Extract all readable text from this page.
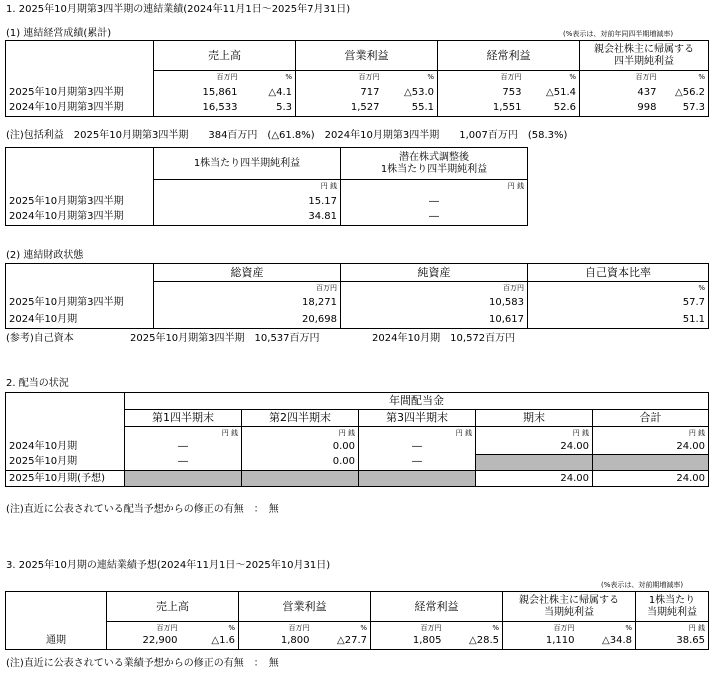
1. 2025年10月期第3四半期の連結業績(2024年11月1日～2025年7月31日)
(1) 連結経営成績(累計)	(%表示は、対前年同四半期増減率)
	売上高		営業利益		経常利益		親会社株主に帰属する
四半期純利益	
	百万円	%	百万円	%	百万円	%	百万円	%
2025年10月期第3四半期	15,861	△4.1	717	△53.0	753	△51.4	437	△56.2
2024年10月期第3四半期	16,533	5.3	1,527	55.1	1,551	52.6	998	57.3
(注)包括利益　2025年10月期第3四半期　　384百万円　(△61.8%)　2024年10月期第3四半期　　1,007百万円　(58.3%)
	1株当たり四半期純利益	潜在株式調整後
1株当たり四半期純利益
	円 銭	円 銭
2025年10月期第3四半期	15.17	―
2024年10月期第3四半期	34.81	―
(2) 連結財政状態
	総資産	純資産	自己資本比率
	百万円	百万円	%
2025年10月期第3四半期	18,271	10,583	57.7
2024年10月期	20,698	10,617	51.1
(参考)自己資本	2025年10月期第3四半期　10,537百万円	2024年10月期　10,572百万円
2. 配当の状況
	年間配当金				
	第1四半期末	第2四半期末	第3四半期末	期末	合計
	円 銭	円 銭	円 銭	円 銭	円 銭
2024年10月期	―	0.00	―	24.00	24.00
2025年10月期	―	0.00	―		
2025年10月期(予想)				24.00	24.00
(注)直近に公表されている配当予想からの修正の有無　：　無
3. 2025年10月期の連結業績予想(2024年11月1日～2025年10月31日)
(%表示は、対前期増減率)
	売上高		営業利益		経常利益		親会社株主に帰属する
当期純利益		1株当たり
当期純利益
	百万円	%	百万円	%	百万円	%	百万円	%	円 銭
通期	22,900	△1.6	1,800	△27.7	1,805	△28.5	1,110	△34.8	38.65
(注)直近に公表されている業績予想からの修正の有無　：　無
